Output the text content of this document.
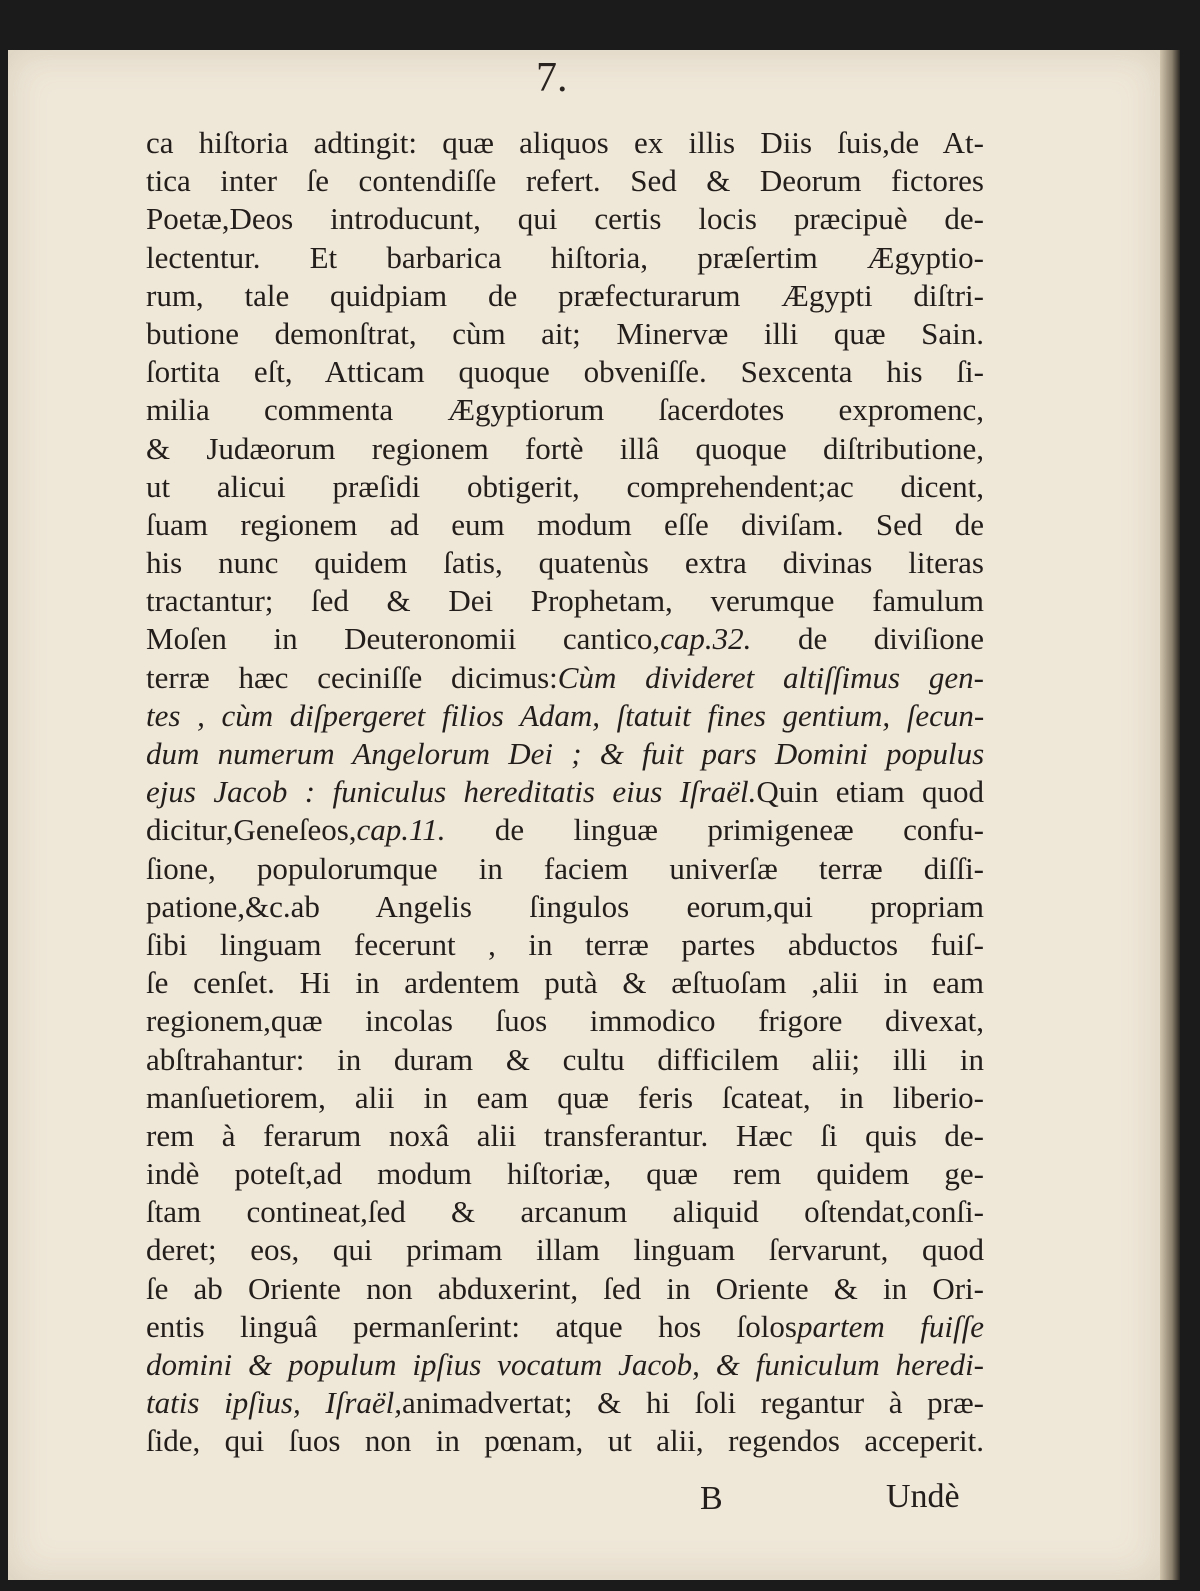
7.
ca hiſtoria adtingit: quæ aliquos ex illis Diis ſuis,de At-
tica inter ſe contendiſſe refert. Sed & Deorum fictores
Poetæ,Deos introducunt, qui certis locis præcipuè de-
lectentur. Et barbarica hiſtoria, præſertim Ægyptio-
rum, tale quidpiam de præfecturarum Ægypti diſtri-
butione demonſtrat, cùm ait; Minervæ illi quæ Sain.
ſortita eſt, Atticam quoque obveniſſe. Sexcenta his ſi-
milia commenta Ægyptiorum ſacerdotes expromenc,
& Judæorum regionem fortè illâ quoque diſtributione,
ut alicui præſidi obtigerit, comprehendent;ac dicent,
ſuam regionem ad eum modum eſſe diviſam. Sed de
his nunc quidem ſatis, quatenùs extra divinas literas
tractantur; ſed & Dei Prophetam, verumque famulum
Moſen in Deuteronomii cantico,cap.32. de diviſione
terræ hæc ceciniſſe dicimus:Cùm divideret altiſſimus gen-
tes , cùm diſpergeret filios Adam, ſtatuit fines gentium, ſecun-
dum numerum Angelorum Dei ; & fuit pars Domini populus
ejus Jacob : funiculus hereditatis eius Iſraël.Quin etiam quod
dicitur,Geneſeos,cap.11. de linguæ primigeneæ confu-
ſione, populorumque in faciem univerſæ terræ diſſi-
patione,&c.ab Angelis ſingulos eorum,qui propriam
ſibi linguam fecerunt , in terræ partes abductos fuiſ-
ſe cenſet. Hi in ardentem putà & æſtuoſam ,alii in eam
regionem,quæ incolas ſuos immodico frigore divexat,
abſtrahantur: in duram & cultu difficilem alii; illi in
manſuetiorem, alii in eam quæ feris ſcateat, in liberio-
rem à ferarum noxâ alii transferantur. Hæc ſi quis de-
indè poteſt,ad modum hiſtoriæ, quæ rem quidem ge-
ſtam contineat,ſed & arcanum aliquid oſtendat,conſi-
deret; eos, qui primam illam linguam ſervarunt, quod
ſe ab Oriente non abduxerint, ſed in Oriente & in Ori-
entis linguâ permanſerint: atque hos ſolospartem fuiſſe
domini & populum ipſius vocatum Jacob, & funiculum heredi-
tatis ipſius, Iſraël,animadvertat; & hi ſoli regantur à præ-
ſide, qui ſuos non in pœnam, ut alii, regendos acceperit.
B	Undè
